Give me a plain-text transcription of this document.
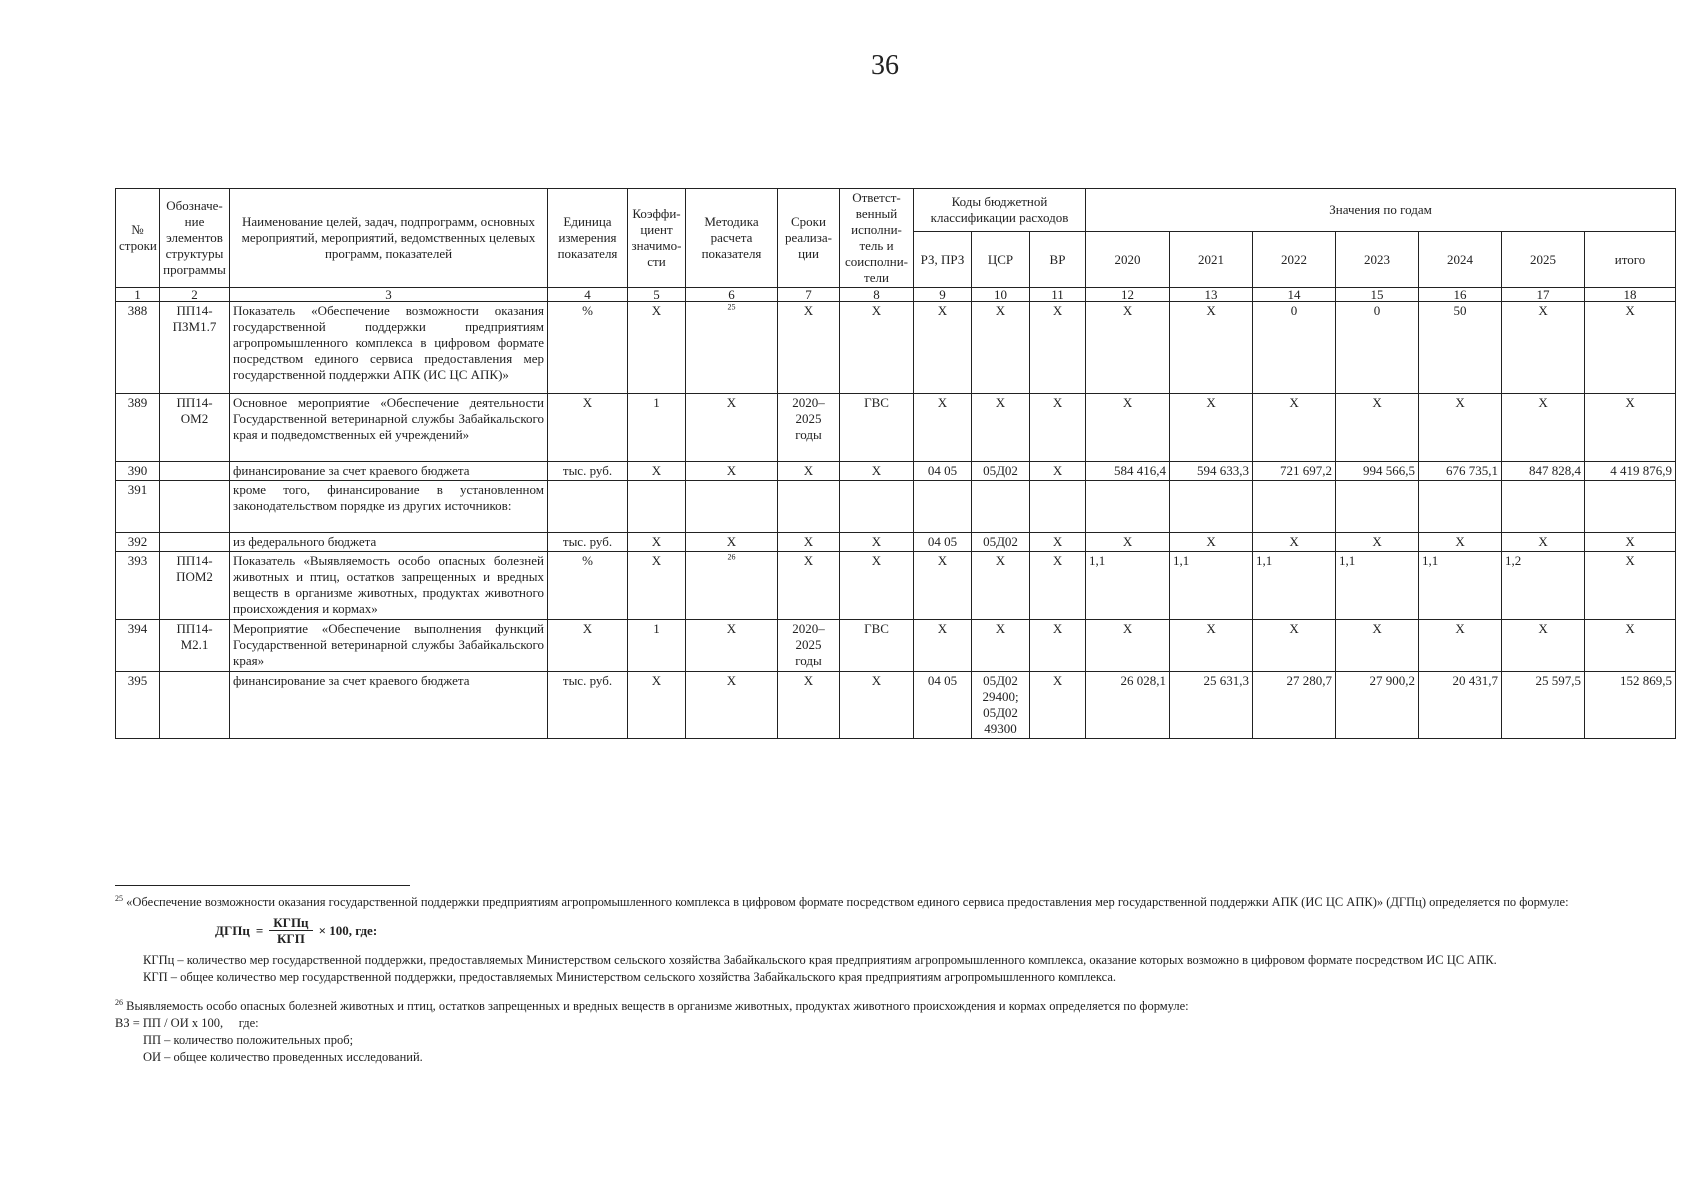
36
№ строки	Обозначе-ние элементов структуры программы	Наименование целей, задач, подпрограмм, основных мероприятий, мероприятий, ведомственных целевых программ, показателей	Единица измерения показателя	Коэффи-циент значимо-сти	Методика расчета показателя	Сроки реализа-ции	Ответст-венный исполни-тель и соисполни-тели	Коды бюджетной классификации расходов			Значения по годам						
								РЗ, ПРЗ	ЦСР	ВР	2020	2021	2022	2023	2024	2025	итого
1	2	3	4	5	6	7	8	9	10	11	12	13	14	15	16	17	18
388	ПП14-ПЗМ1.7	Показатель «Обеспечение возможности оказания государственной поддержки предприятиям агропромышленного комплекса в цифровом формате посредством единого сервиса предоставления мер государственной поддержки АПК (ИС ЦС АПК)»	%	Х	$^{25}$	Х	Х	Х	Х	Х	Х	Х	0	0	50	Х	Х
389	ПП14-ОМ2	Основное мероприятие «Обеспечение деятельности Государственной ветеринарной службы Забайкальского края и подведомственных ей учреждений»	Х	1	Х	2020–2025 годы	ГВС	Х	Х	Х	Х	Х	Х	Х	Х	Х	Х
390		финансирование за счет краевого бюджета	тыс. руб.	Х	Х	Х	Х	04 05	05Д02	Х	584 416,4	594 633,3	721 697,2	994 566,5	676 735,1	847 828,4	4 419 876,9
391		кроме того, финансирование в установленном законодательством порядке из других источников:															
392		из федерального бюджета	тыс. руб.	Х	Х	Х	Х	04 05	05Д02	Х	Х	Х	Х	Х	Х	Х	Х
393	ПП14-ПОМ2	Показатель «Выявляемость особо опасных болезней животных и птиц, остатков запрещенных и вредных веществ в организме животных, продуктах животного происхождения и кормах»	%	Х	$^{26}$	Х	Х	Х	Х	Х	1,1	1,1	1,1	1,1	1,1	1,2	Х
394	ПП14-М2.1	Мероприятие «Обеспечение выполнения функций Государственной ветеринарной службы Забайкальского края»	Х	1	Х	2020–2025 годы	ГВС	Х	Х	Х	Х	Х	Х	Х	Х	Х	Х
395		финансирование за счет краевого бюджета	тыс. руб.	Х	Х	Х	Х	04 05	05Д02 29400; 05Д02 49300	Х	26 028,1	25 631,3	27 280,7	27 900,2	20 431,7	25 597,5	152 869,5

$^{25}$ «Обеспечение возможности оказания государственной поддержки предприятиям агропромышленного комплекса в цифровом формате посредством единого сервиса предоставления мер государственной поддержки АПК (ИС ЦС АПК)» (ДГПц) определяется по формуле:

ДГПц = $\frac{\text{КГПц}}{\text{КГП}} \times 100$, где:

КГПц – количество мер государственной поддержки, предоставляемых Министерством сельского хозяйства Забайкальского края предприятиям агропромышленного комплекса, оказание которых возможно в цифровом формате посредством ИС ЦС АПК.

КГП – общее количество мер государственной поддержки, предоставляемых Министерством сельского хозяйства Забайкальского края предприятиям агропромышленного комплекса.

$^{26}$ Выявляемость особо опасных болезней животных и птиц, остатков запрещенных и вредных веществ в организме животных, продуктах животного происхождения и кормах определяется по формуле:

ВЗ = ПП / ОИ х 100,     где:

ПП – количество положительных проб;

ОИ – общее количество проведенных исследований.
